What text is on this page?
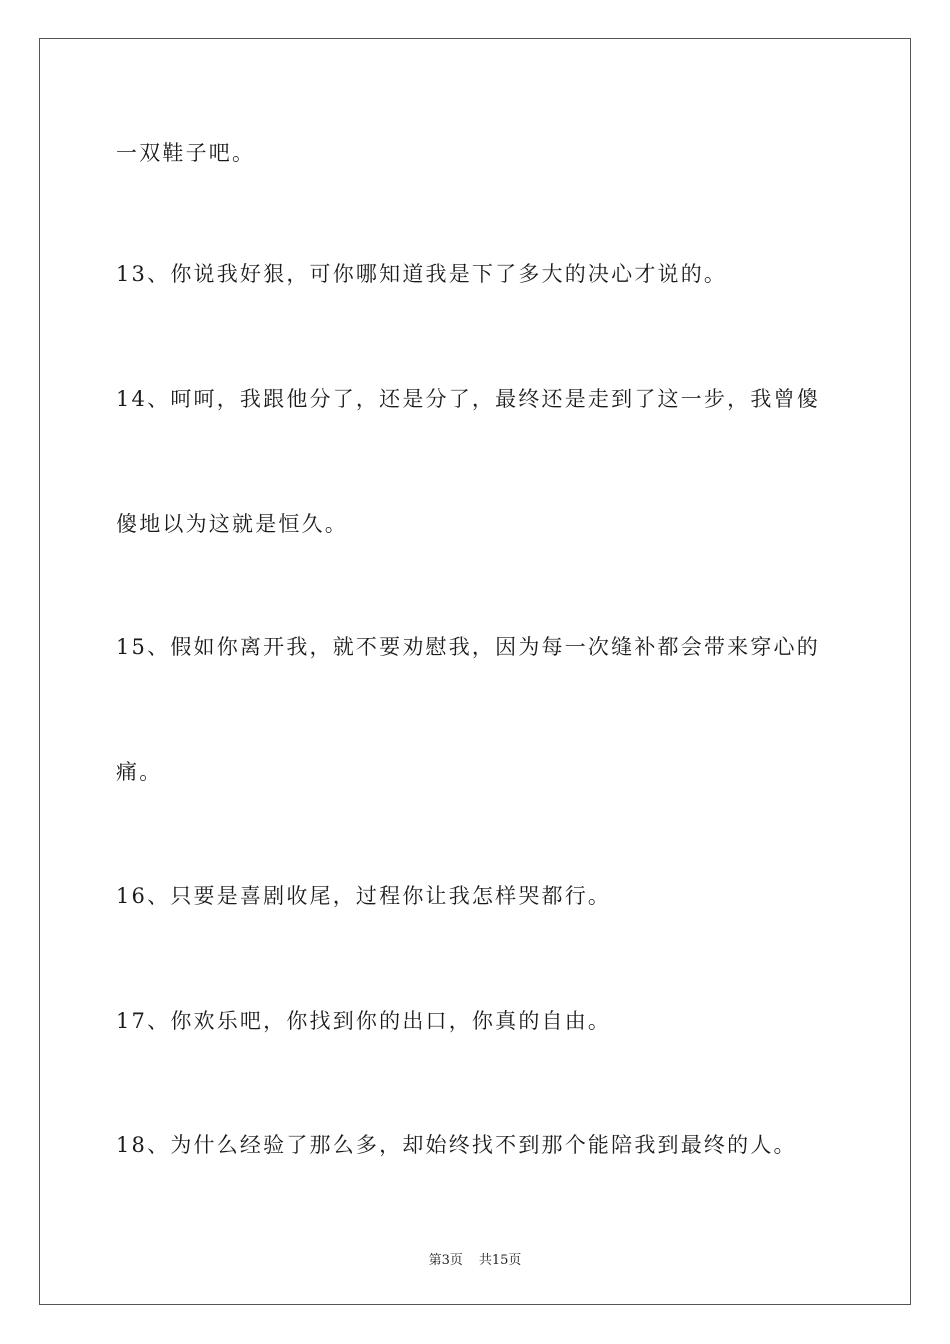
一双鞋子吧。
13、你说我好狠，可你哪知道我是下了多大的决心才说的。
14、呵呵，我跟他分了，还是分了，最终还是走到了这一步，我曾傻
傻地以为这就是恒久。
15、假如你离开我，就不要劝慰我，因为每一次缝补都会带来穿心的
痛。
16、只要是喜剧收尾，过程你让我怎样哭都行。
17、你欢乐吧，你找到你的出口，你真的自由。
18、为什么经验了那么多，却始终找不到那个能陪我到最终的人。
第3页 共15页
